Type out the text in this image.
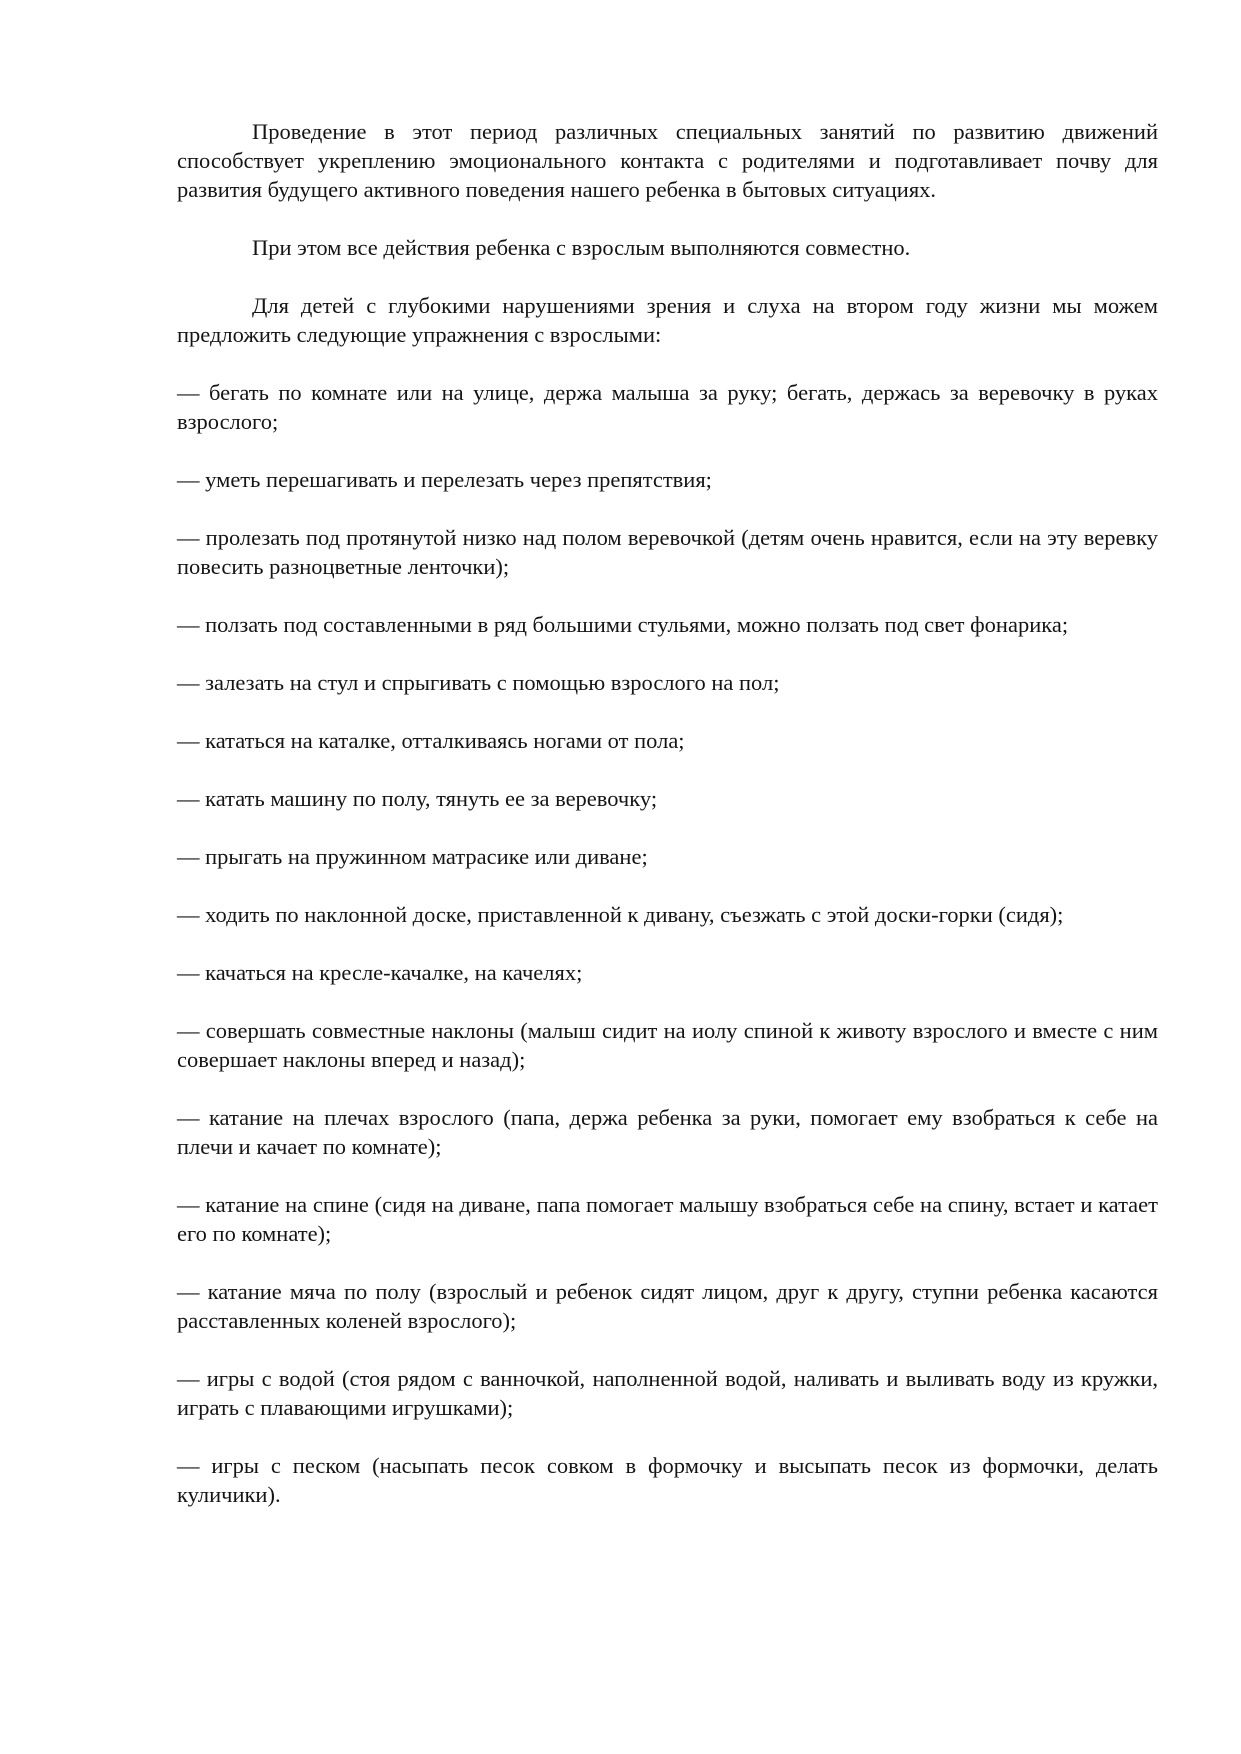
Проведение в этот период различных специальных занятий по развитию движений способствует укреплению эмоционального контакта с родителями и подготавливает почву для развития будущего активного поведения нашего ребенка в бытовых ситуациях.

При этом все действия ребенка с взрослым выполняются совместно.

Для детей с глубокими нарушениями зрения и слуха на втором году жизни мы можем предложить следующие упражнения с взрослыми:

— бегать по комнате или на улице, держа малыша за руку; бегать, держась за веревочку в руках взрослого;

— уметь перешагивать и перелезать через препятствия;

— пролезать под протянутой низко над полом веревочкой (детям очень нравится, если на эту веревку повесить разноцветные ленточки);

— ползать под составленными в ряд большими стульями, можно ползать под свет фонарика;

— залезать на стул и спрыгивать с помощью взрослого на пол;

— кататься на каталке, отталкиваясь ногами от пола;

— катать машину по полу, тянуть ее за веревочку;

— прыгать на пружинном матрасике или диване;

— ходить по наклонной доске, приставленной к дивану, съезжать с этой доски-горки (сидя);

— качаться на кресле-качалке, на качелях;

— совершать совместные наклоны (малыш сидит на иолу спиной к животу взрослого и вместе с ним совершает наклоны вперед и назад);

— катание на плечах взрослого (папа, держа ребенка за руки, помогает ему взобраться к себе на плечи и качает по комнате);

— катание на спине (сидя на диване, папа помогает малышу взобраться себе на спину, встает и катает его по комнате);

— катание мяча по полу (взрослый и ребенок сидят лицом, друг к другу, ступни ребенка касаются расставленных коленей взрослого);

— игры с водой (стоя рядом с ванночкой, наполненной водой, наливать и выливать воду из кружки, играть с плавающими игрушками);

— игры с песком (насыпать песок совком в формочку и высыпать песок из формочки, делать куличики).
